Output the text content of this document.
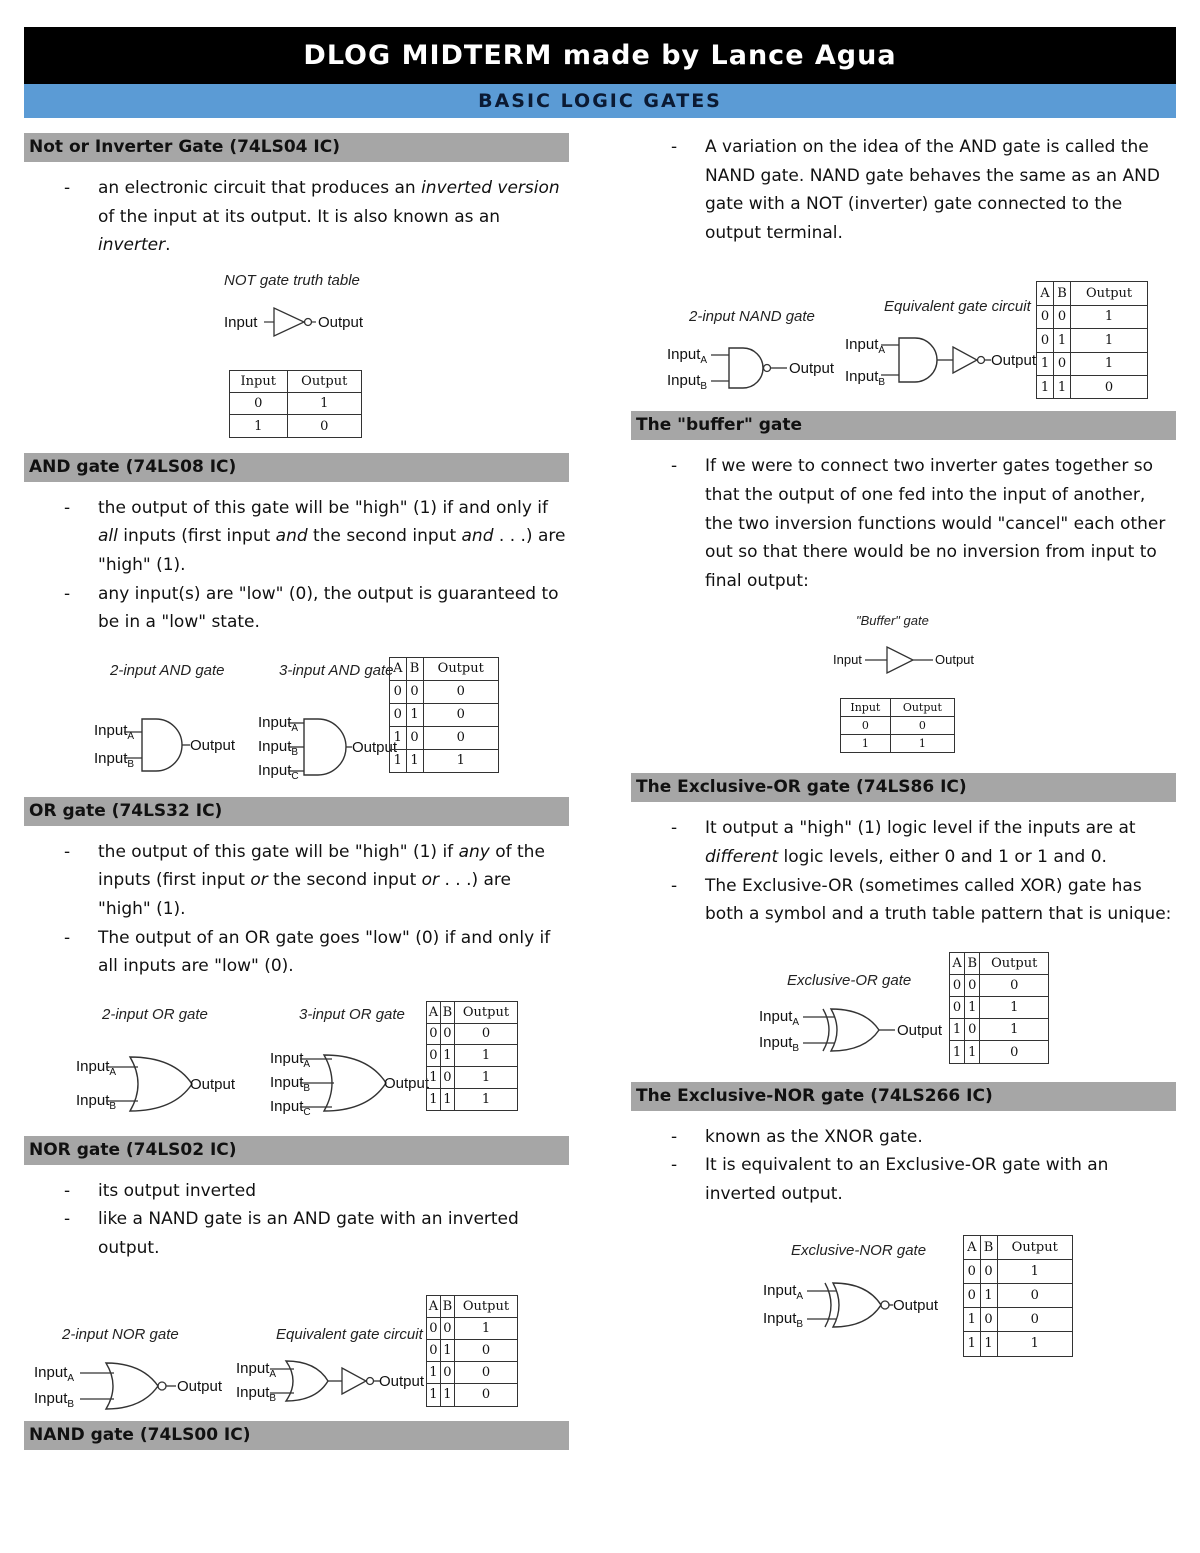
DLOG MIDTERM made by Lance Agua
BASIC LOGIC GATES
Not or Inverter Gate (74LS04 IC)
- an electronic circuit that produces an inverted version of the input at its output. It is also known as an inverter.
NOT gate truth table
Input	Output
Input	Output
0	1
1	0
AND gate (74LS08 IC)
- the output of this gate will be "high" (1) if and only if all inputs (first input and the second input and . . .) are "high" (1).
- any input(s) are "low" (0), the output is guaranteed to be in a "low" state.
2-input AND gate
Input$_A$
Input$_B$
Output
3-input AND gate
Input$_A$
Input$_B$
Input$_C$
Output
A	B	Output
0	0	0
0	1	0
1	0	0
1	1	1
OR gate (74LS32 IC)
- the output of this gate will be "high" (1) if any of the inputs (first input or the second input or . . .) are "high" (1).
- The output of an OR gate goes "low" (0) if and only if all inputs are "low" (0).
2-input OR gate
Input$_A$
Input$_B$
Output
3-input OR gate
Input$_A$
Input$_B$
Input$_C$
Output
A	B	Output
0	0	0
0	1	1
1	0	1
1	1	1
NOR gate (74LS02 IC)
- its output inverted
- like a NAND gate is an AND gate with an inverted output.
2-input NOR gate
Input$_A$
Input$_B$
Output
Equivalent gate circuit
Input$_A$
Input$_B$
Output
A	B	Output
0	0	1
0	1	0
1	0	0
1	1	0
NAND gate (74LS00 IC)
- A variation on the idea of the AND gate is called the NAND gate. NAND gate behaves the same as an AND gate with a NOT (inverter) gate connected to the output terminal.
2-input NAND gate
Input$_A$
Input$_B$
Output
Equivalent gate circuit
Input$_A$
Input$_B$
Output
A	B	Output
0	0	1
0	1	1
1	0	1
1	1	0
The "buffer" gate
- If we were to connect two inverter gates together so that the output of one fed into the input of another, the two inversion functions would "cancel" each other out so that there would be no inversion from input to final output:
"Buffer" gate
Input	Output
Input	Output
0	0
1	1
The Exclusive-OR gate (74LS86 IC)
- It output a "high" (1) logic level if the inputs are at different logic levels, either 0 and 1 or 1 and 0.
- The Exclusive-OR (sometimes called XOR) gate has both a symbol and a truth table pattern that is unique:
Exclusive-OR gate
Input$_A$
Input$_B$
Output
A	B	Output
0	0	0
0	1	1
1	0	1
1	1	0
The Exclusive-NOR gate (74LS266 IC)
- known as the XNOR gate.
- It is equivalent to an Exclusive-OR gate with an inverted output.
Exclusive-NOR gate
Input$_A$
Input$_B$
Output
A	B	Output
0	0	1
0	1	0
1	0	0
1	1	1
